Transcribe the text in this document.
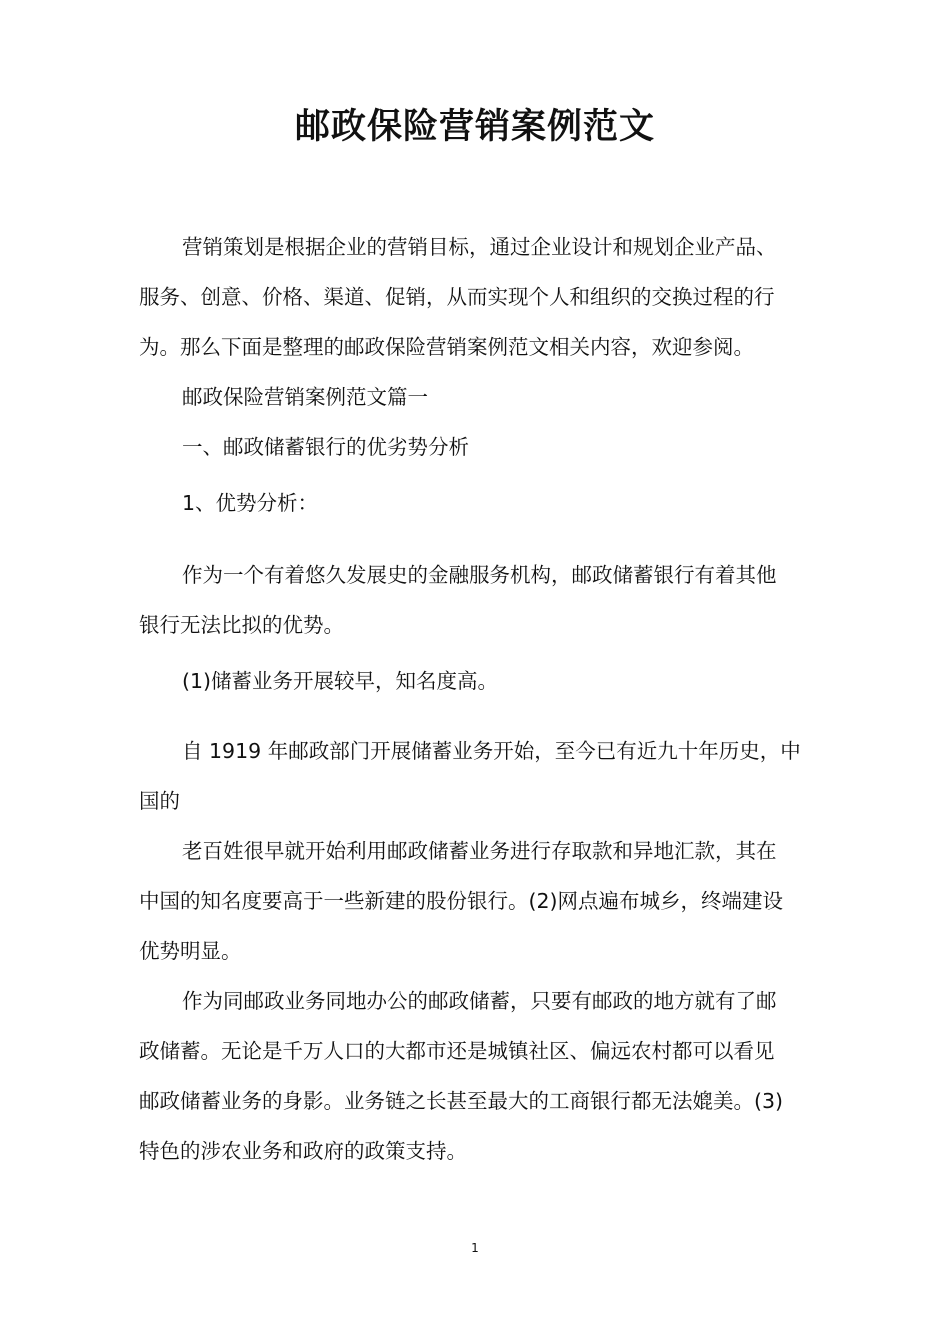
邮政保险营销案例范文
营销策划是根据企业的营销目标，通过企业设计和规划企业产品、
服务、创意、价格、渠道、促销，从而实现个人和组织的交换过程的行
为。那么下面是整理的邮政保险营销案例范文相关内容，欢迎参阅。
邮政保险营销案例范文篇一
一、邮政储蓄银行的优劣势分析
1、优势分析：
作为一个有着悠久发展史的金融服务机构，邮政储蓄银行有着其他
银行无法比拟的优势。
(1)储蓄业务开展较早，知名度高。
自 1919 年邮政部门开展储蓄业务开始，至今已有近九十年历史，中
国的
老百姓很早就开始利用邮政储蓄业务进行存取款和异地汇款，其在
中国的知名度要高于一些新建的股份银行。(2)网点遍布城乡，终端建设
优势明显。
作为同邮政业务同地办公的邮政储蓄，只要有邮政的地方就有了邮
政储蓄。无论是千万人口的大都市还是城镇社区、偏远农村都可以看见
邮政储蓄业务的身影。业务链之长甚至最大的工商银行都无法媲美。(3)
特色的涉农业务和政府的政策支持。
1
